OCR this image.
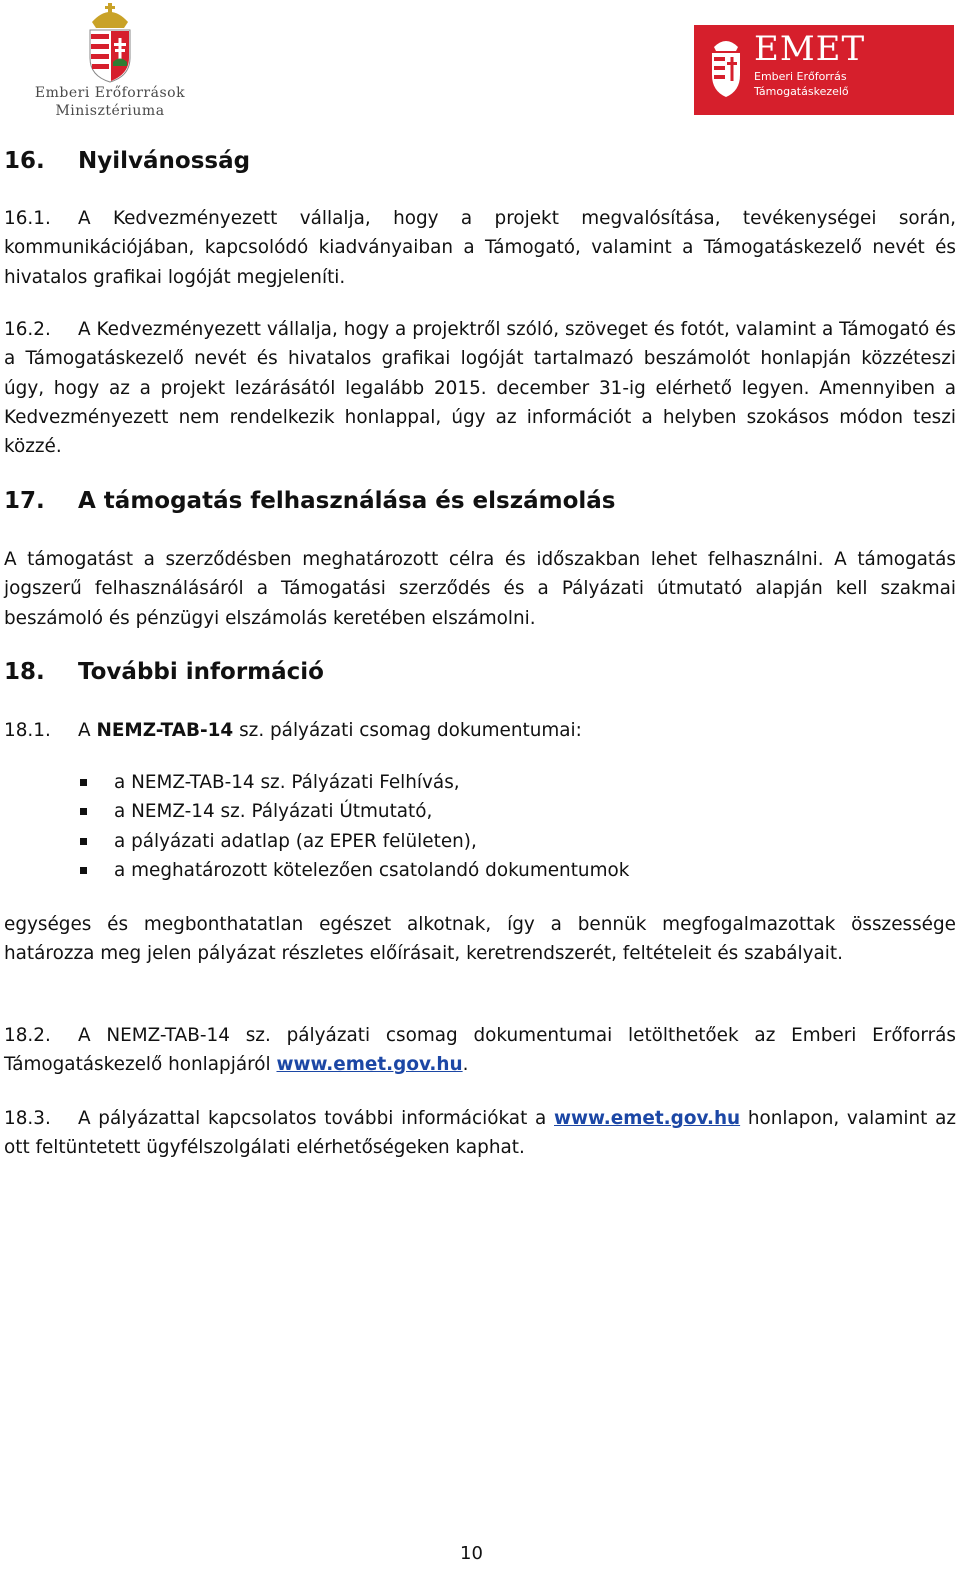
Emberi Erőforrások
Minisztériuma
EMET
Emberi Erőforrás
Támogatáskezelő
16. Nyilvánosság
16.1. A Kedvezményezett vállalja, hogy a projekt megvalósítása, tevékenységei során, kommunikációjában, kapcsolódó kiadványaiban a Támogató, valamint a Támogatáskezelő nevét és hivatalos grafikai logóját megjeleníti.
16.2. A Kedvezményezett vállalja, hogy a projektről szóló, szöveget és fotót, valamint a Támogató és a Támogatáskezelő nevét és hivatalos grafikai logóját tartalmazó beszámolót honlapján közzéteszi úgy, hogy az a projekt lezárásától legalább 2015. december 31-ig elérhető legyen. Amennyiben a Kedvezményezett nem rendelkezik honlappal, úgy az információt a helyben szokásos módon teszi közzé.
17. A támogatás felhasználása és elszámolás
A támogatást a szerződésben meghatározott célra és időszakban lehet felhasználni. A támogatás jogszerű felhasználásáról a Támogatási szerződés és a Pályázati útmutató alapján kell szakmai beszámoló és pénzügyi elszámolás keretében elszámolni.
18. További információ
18.1. A NEMZ-TAB-14 sz. pályázati csomag dokumentumai:
a NEMZ-TAB-14 sz. Pályázati Felhívás,
a NEMZ-14 sz. Pályázati Útmutató,
a pályázati adatlap (az EPER felületen),
a meghatározott kötelezően csatolandó dokumentumok
egységes és megbonthatatlan egészet alkotnak, így a bennük megfogalmazottak összessége határozza meg jelen pályázat részletes előírásait, keretrendszerét, feltételeit és szabályait.
18.2. A NEMZ-TAB-14 sz. pályázati csomag dokumentumai letölthetőek az Emberi Erőforrás Támogatáskezelő honlapjáról www.emet.gov.hu.
18.3. A pályázattal kapcsolatos további információkat a www.emet.gov.hu honlapon, valamint az ott feltüntetett ügyfélszolgálati elérhetőségeken kaphat.
10
